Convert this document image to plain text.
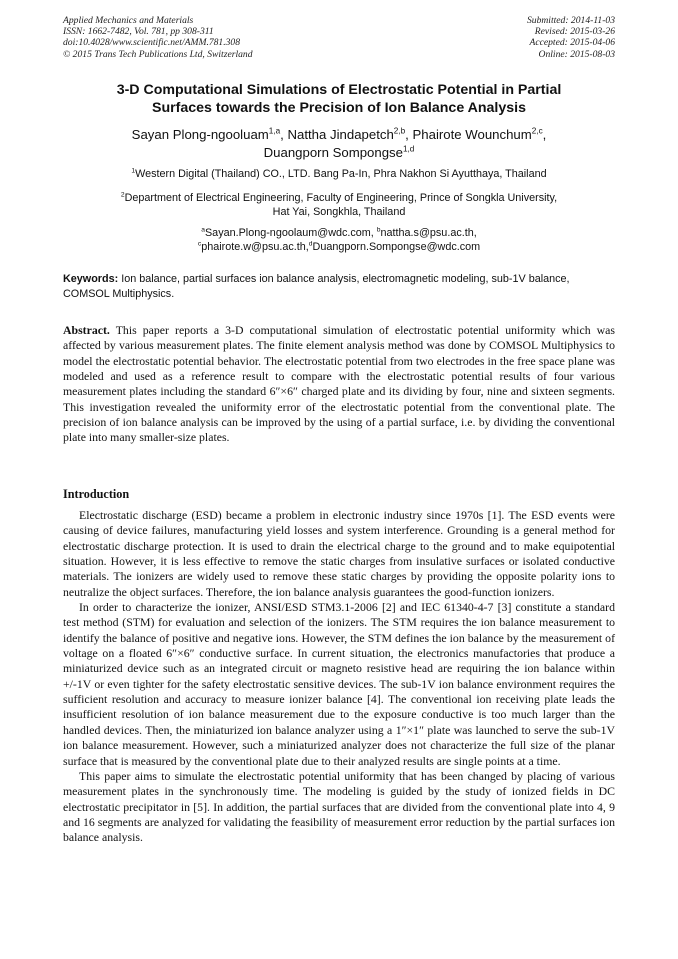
Applied Mechanics and Materials
ISSN: 1662-7482, Vol. 781, pp 308-311
doi:10.4028/www.scientific.net/AMM.781.308
© 2015 Trans Tech Publications Ltd, Switzerland
Submitted: 2014-11-03
Revised: 2015-03-26
Accepted: 2015-04-06
Online: 2015-08-03
3-D Computational Simulations of Electrostatic Potential in Partial
Surfaces towards the Precision of Ion Balance Analysis
Sayan Plong-ngooluam$^{1,a}$, Nattha Jindapetch$^{2,b}$, Phairote Wounchum$^{2,c}$,
Duangporn Sompongse$^{1,d}$
$^1$Western Digital (Thailand) CO., LTD. Bang Pa-In, Phra Nakhon Si Ayutthaya, Thailand
$^2$Department of Electrical Engineering, Faculty of Engineering, Prince of Songkla University,
Hat Yai, Songkhla, Thailand
$^a$Sayan.Plong-ngoolaum@wdc.com, $^b$nattha.s@psu.ac.th,
$^c$phairote.w@psu.ac.th,$^d$Duangporn.Sompongse@wdc.com
Keywords: Ion balance, partial surfaces ion balance analysis, electromagnetic modeling, sub-1V balance, COMSOL Multiphysics.
Abstract. This paper reports a 3-D computational simulation of electrostatic potential uniformity which was affected by various measurement plates. The finite element analysis method was done by COMSOL Multiphysics to model the electrostatic potential behavior. The electrostatic potential from two electrodes in the free space plane was modeled and used as a reference result to compare with the electrostatic potential results of four various measurement plates including the standard 6″×6″ charged plate and its dividing by four, nine and sixteen segments. This investigation revealed the uniformity error of the electrostatic potential from the conventional plate. The precision of ion balance analysis can be improved by the using of a partial surface, i.e. by dividing the conventional plate into many smaller-size plates.
Introduction

Electrostatic discharge (ESD) became a problem in electronic industry since 1970s [1]. The ESD events were causing of device failures, manufacturing yield losses and system interference. Grounding is a general method for electrostatic discharge protection. It is used to drain the electrical charge to the ground and to make equipotential situation. However, it is less effective to remove the static charges from insulative surfaces or isolated conductive materials. The ionizers are widely used to remove these static charges by providing the opposite polarity ions to neutralize the object surfaces. Therefore, the ion balance analysis guarantees the good-function ionizers.

In order to characterize the ionizer, ANSI/ESD STM3.1-2006 [2] and IEC 61340-4-7 [3] constitute a standard test method (STM) for evaluation and selection of the ionizers. The STM requires the ion balance measurement to identify the balance of positive and negative ions. However, the STM defines the ion balance by the measurement of voltage on a floated 6″×6″ conductive surface. In current situation, the electronics manufactories that produce a miniaturized device such as an integrated circuit or magneto resistive head are requiring the ion balance within +/-1V or even tighter for the safety electrostatic sensitive devices. The sub-1V ion balance environment requires the sufficient resolution and accuracy to measure ionizer balance [4]. The conventional ion receiving plate leads the insufficient resolution of ion balance measurement due to the exposure conductive is too much larger than the handled devices. Then, the miniaturized ion balance analyzer using a 1″×1″ plate was launched to serve the sub-1V ion balance measurement. However, such a miniaturized analyzer does not characterize the full size of the planar surface that is measured by the conventional plate due to their analyzed results are single points at a time.

This paper aims to simulate the electrostatic potential uniformity that has been changed by placing of various measurement plates in the synchronously time. The modeling is guided by the study of ionized fields in DC electrostatic precipitator in [5]. In addition, the partial surfaces that are divided from the conventional plate into 4, 9 and 16 segments are analyzed for validating the feasibility of measurement error reduction by the partial surfaces ion balance analysis.
